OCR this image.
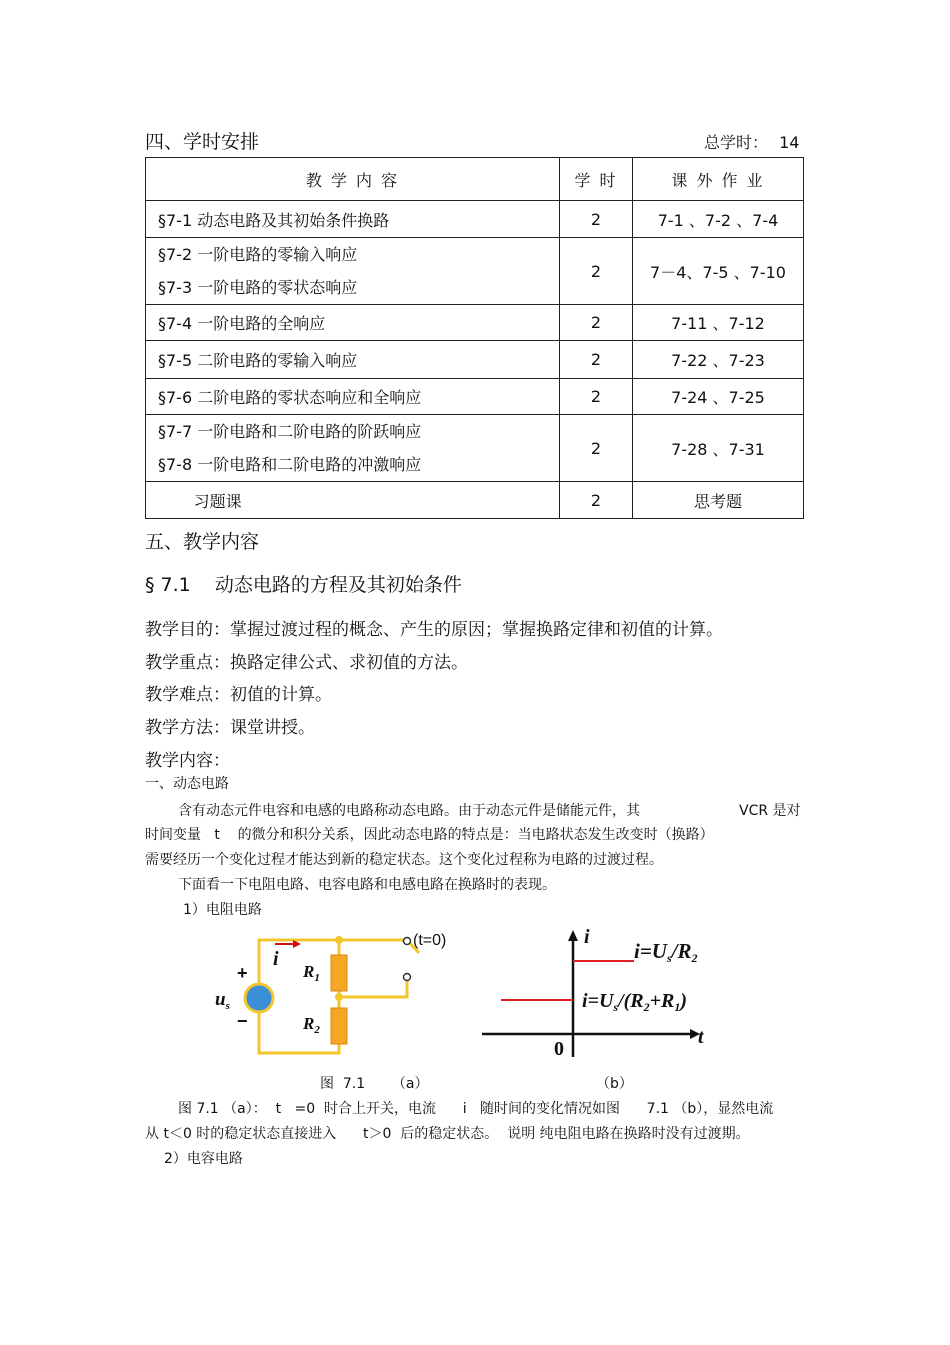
四、学时安排	总学时： 14
教 学 内 容	学 时	课 外 作 业
§7-1 动态电路及其初始条件换路	2	7-1 、7-2 、7-4

§7-2 一阶电路的零输入响应
§7-3 一阶电路的零状态响应	2	7－4、7-5 、7-10
§7-4 一阶电路的全响应	2	7-11 、7-12
§7-5 二阶电路的零输入响应	2	7-22 、7-23
§7-6 二阶电路的零状态响应和全响应	2	7-24 、7-25

§7-7 一阶电路和二阶电路的阶跃响应
§7-8 一阶电路和二阶电路的冲激响应	2	7-28 、7-31
习题课	2	思考题
五、教学内容
§ 7.1    动态电路的方程及其初始条件
教学目的：掌握过渡过程的概念、产生的原因；掌握换路定律和初值的计算。
教学重点：换路定律公式、求初值的方法。
教学难点：初值的计算。
教学方法：课堂讲授。
教学内容：
一、动态电路
含有动态元件电容和电感的电路称动态电路。由于动态元件是储能元件，其	VCR 是对
时间变量   t    的微分和积分关系，因此动态电路的特点是：当电路状态发生改变时（换路）
需要经历一个变化过程才能达到新的稳定状态。这个变化过程称为电路的过渡过程。
下面看一下电阻电路、电容电路和电感电路在换路时的表现。
1）电阻电路
(t=0)
i
$R_1$
$R_2$
+
−
$u_s$
i
t
0
i=Us/R2
$i=U_s/(R_2+R_1)$
图  7.1      （a）	（b）
图 7.1 （a）：  t   =0  时合上开关，电流      i   随时间的变化情况如图      7.1 （b），显然电流
从 t＜0 时的稳定状态直接进入      t＞0  后的稳定状态。  说明 纯电阻电路在换路时没有过渡期。
2）电容电路
